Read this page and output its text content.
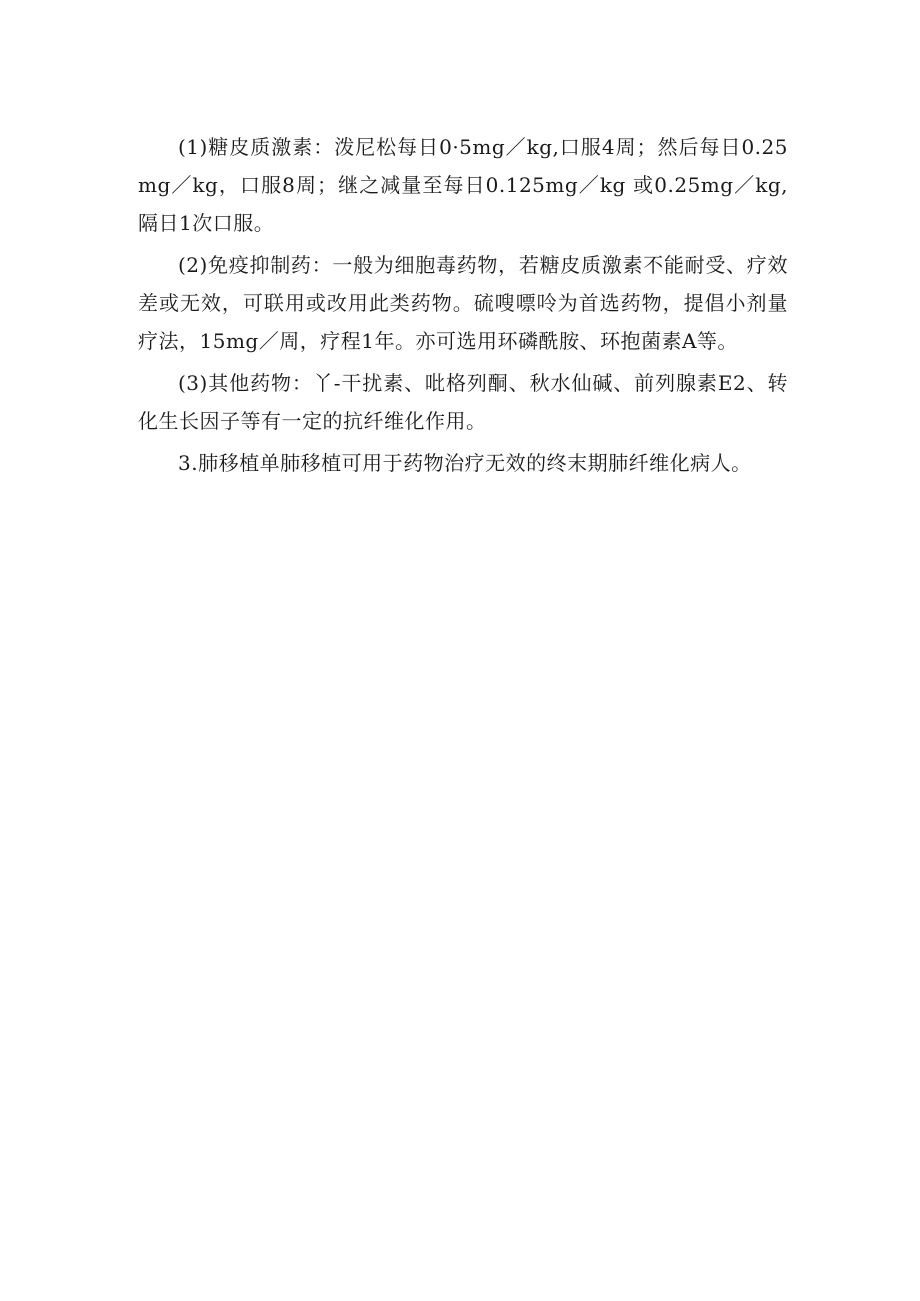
(1)糖皮质激素：泼尼松每日0·5mg／kg,口服4周；然后每日0.25mg／kg，口服8周；继之减量至每日0.125mg／kg 或0.25mg／kg,隔日1次口服。

(2)免疫抑制药：一般为细胞毒药物，若糖皮质激素不能耐受、疗效差或无效，可联用或改用此类药物。硫嗖嘌呤为首选药物，提倡小剂量疗法，15mg／周，疗程1年。亦可选用环磷酰胺、环抱菌素A等。

(3)其他药物：丫-干扰素、吡格列酮、秋水仙碱、前列腺素E2、转化生长因子等有一定的抗纤维化作用。

3.肺移植单肺移植可用于药物治疗无效的终末期肺纤维化病人。
